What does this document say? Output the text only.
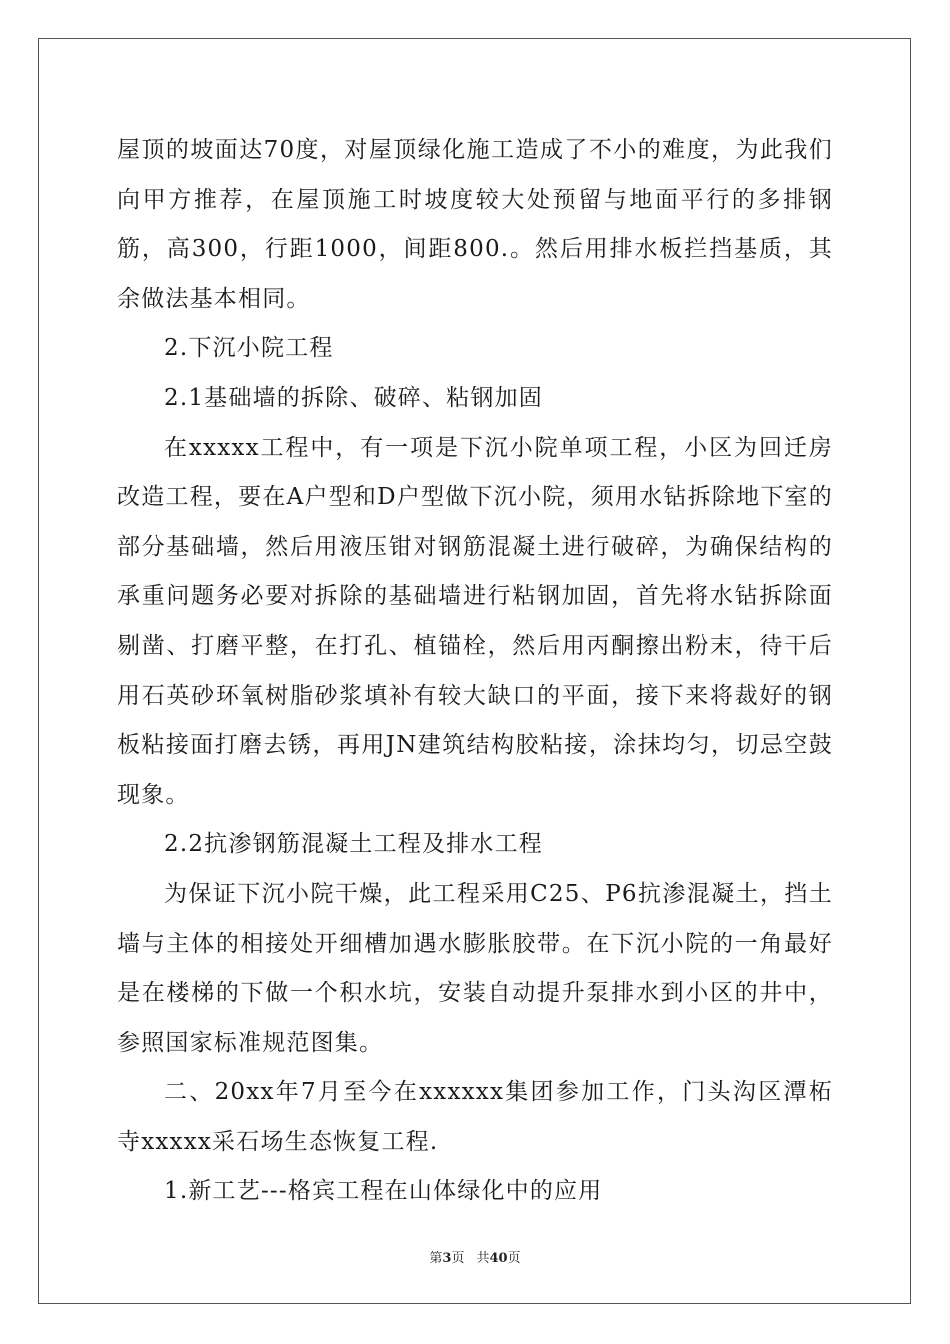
屋顶的坡面达70度，对屋顶绿化施工造成了不小的难度，为此我们向甲方推荐，在屋顶施工时坡度较大处预留与地面平行的多排钢筋，高300，行距1000，间距800.。然后用排水板拦挡基质，其余做法基本相同。

2.下沉小院工程

2.1基础墙的拆除、破碎、粘钢加固

在xxxxx工程中，有一项是下沉小院单项工程，小区为回迁房改造工程，要在A户型和D户型做下沉小院，须用水钻拆除地下室的部分基础墙，然后用液压钳对钢筋混凝土进行破碎，为确保结构的承重问题务必要对拆除的基础墙进行粘钢加固，首先将水钻拆除面剔凿、打磨平整，在打孔、植锚栓，然后用丙酮擦出粉末，待干后用石英砂环氧树脂砂浆填补有较大缺口的平面，接下来将裁好的钢板粘接面打磨去锈，再用JN建筑结构胶粘接，涂抹均匀，切忌空鼓现象。

2.2抗渗钢筋混凝土工程及排水工程

为保证下沉小院干燥，此工程采用C25、P6抗渗混凝土，挡土墙与主体的相接处开细槽加遇水膨胀胶带。在下沉小院的一角最好是在楼梯的下做一个积水坑，安装自动提升泵排水到小区的井中，参照国家标准规范图集。

二、20xx年7月至今在xxxxxx集团参加工作，门头沟区潭柘寺xxxxx采石场生态恢复工程.

1.新工艺---格宾工程在山体绿化中的应用

第3页 共40页
